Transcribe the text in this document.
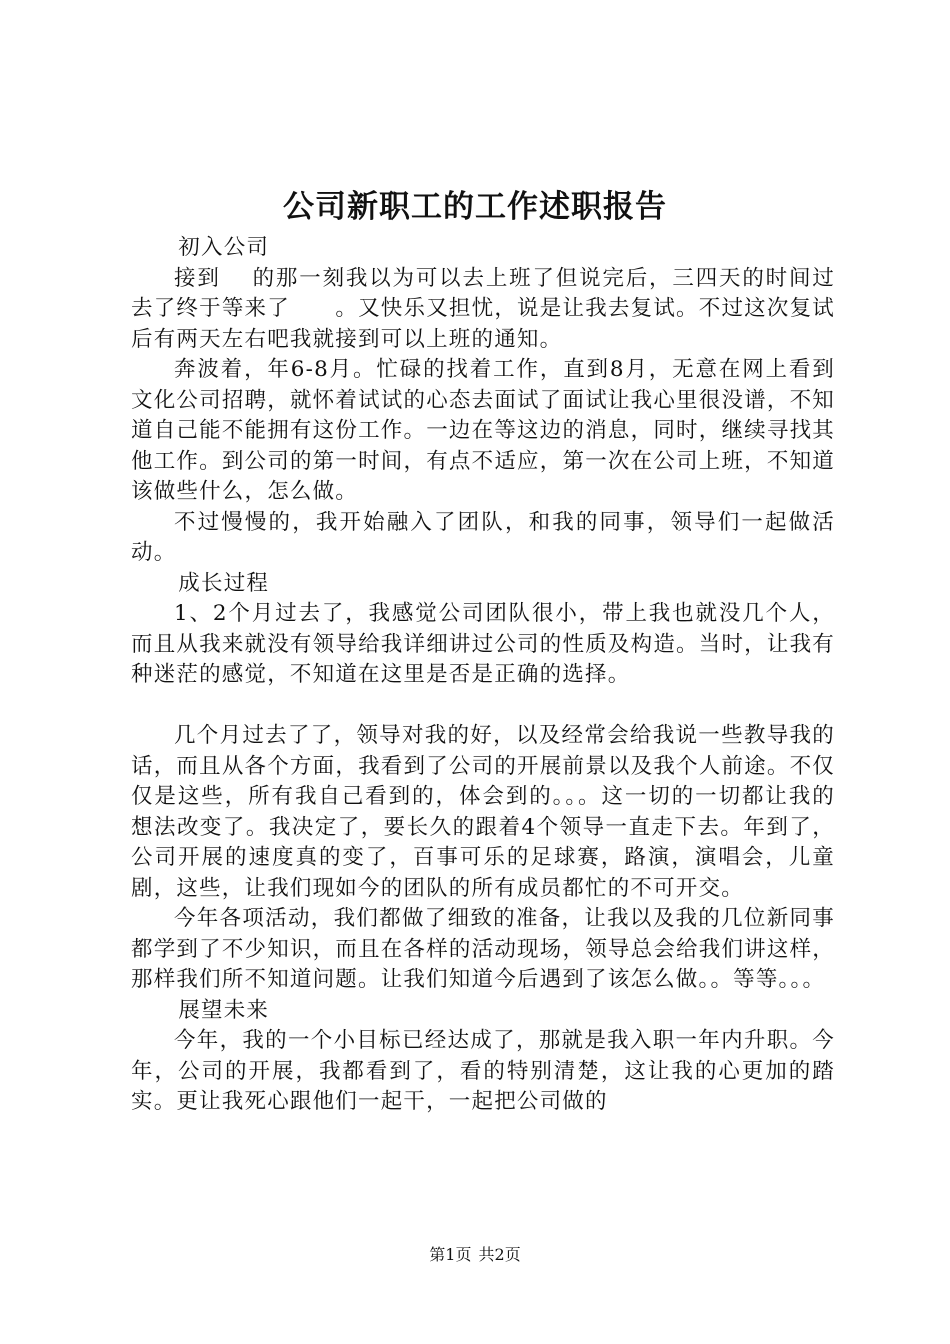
公司新职工的工作述职报告

初入公司

接到　 的那一刻我以为可以去上班了但说完后，三四天的时间过去了终于等来了　　。又快乐又担忧，说是让我去复试。不过这次复试后有两天左右吧我就接到可以上班的通知。

奔波着，年6-8月。忙碌的找着工作，直到8月，无意在网上看到文化公司招聘，就怀着试试的心态去面试了面试让我心里很没谱，不知道自己能不能拥有这份工作。一边在等这边的消息，同时，继续寻找其他工作。到公司的第一时间，有点不适应，第一次在公司上班，不知道该做些什么，怎么做。

不过慢慢的，我开始融入了团队，和我的同事，领导们一起做活动。

成长过程

1、2个月过去了，我感觉公司团队很小，带上我也就没几个人，而且从我来就没有领导给我详细讲过公司的性质及构造。当时，让我有种迷茫的感觉，不知道在这里是否是正确的选择。

几个月过去了了，领导对我的好，以及经常会给我说一些教导我的话，而且从各个方面，我看到了公司的开展前景以及我个人前途。不仅仅是这些，所有我自己看到的，体会到的。。。这一切的一切都让我的想法改变了。我决定了，要长久的跟着4个领导一直走下去。年到了，公司开展的速度真的变了，百事可乐的足球赛，路演，演唱会，儿童剧，这些，让我们现如今的团队的所有成员都忙的不可开交。

今年各项活动，我们都做了细致的准备，让我以及我的几位新同事都学到了不少知识，而且在各样的活动现场，领导总会给我们讲这样，那样我们所不知道问题。让我们知道今后遇到了该怎么做。。等等。。。

展望未来

今年，我的一个小目标已经达成了，那就是我入职一年内升职。今年，公司的开展，我都看到了，看的特别清楚，这让我的心更加的踏实。更让我死心跟他们一起干，一起把公司做的

第1页 共2页
